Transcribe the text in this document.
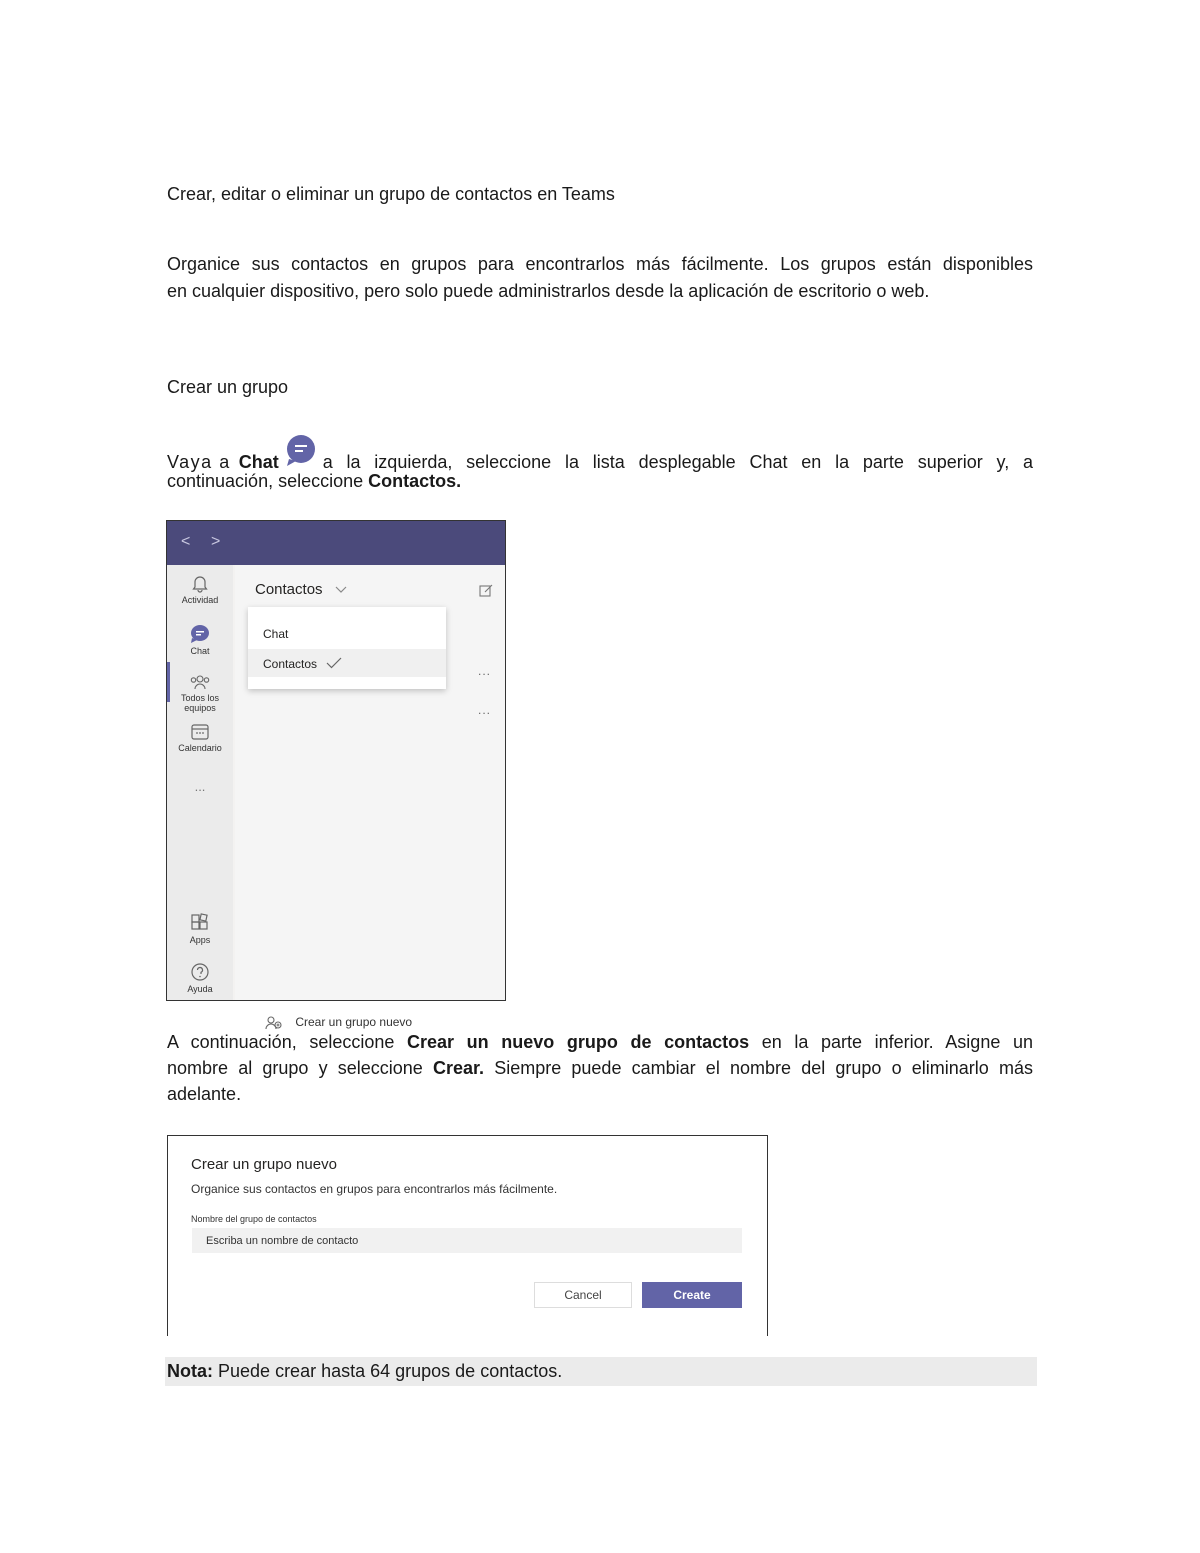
Crear, editar o eliminar un grupo de contactos en Teams
Organice sus contactos en grupos para encontrarlos más fácilmente. Los grupos están disponibles
en cualquier dispositivo, pero solo puede administrarlos desde la aplicación de escritorio o web.
Crear un grupo
Vaya a Chat a la izquierda, seleccione la lista desplegable Chat en la parte superior y, a
continuación, seleccione Contactos.
< >
Actividad
Chat
Todos los equipos
Calendario
...
Apps
Ayuda
Contactos
...
...
Crear un grupo nuevo
Chat
Contactos
A continuación, seleccione Crear un nuevo grupo de contactos en la parte inferior. Asigne un
nombre al grupo y seleccione Crear. Siempre puede cambiar el nombre del grupo o eliminarlo más
adelante.
Crear un grupo nuevo
Organice sus contactos en grupos para encontrarlos más fácilmente.
Nombre del grupo de contactos
Escriba un nombre de contacto
Cancel	Create
Nota: Puede crear hasta 64 grupos de contactos.
